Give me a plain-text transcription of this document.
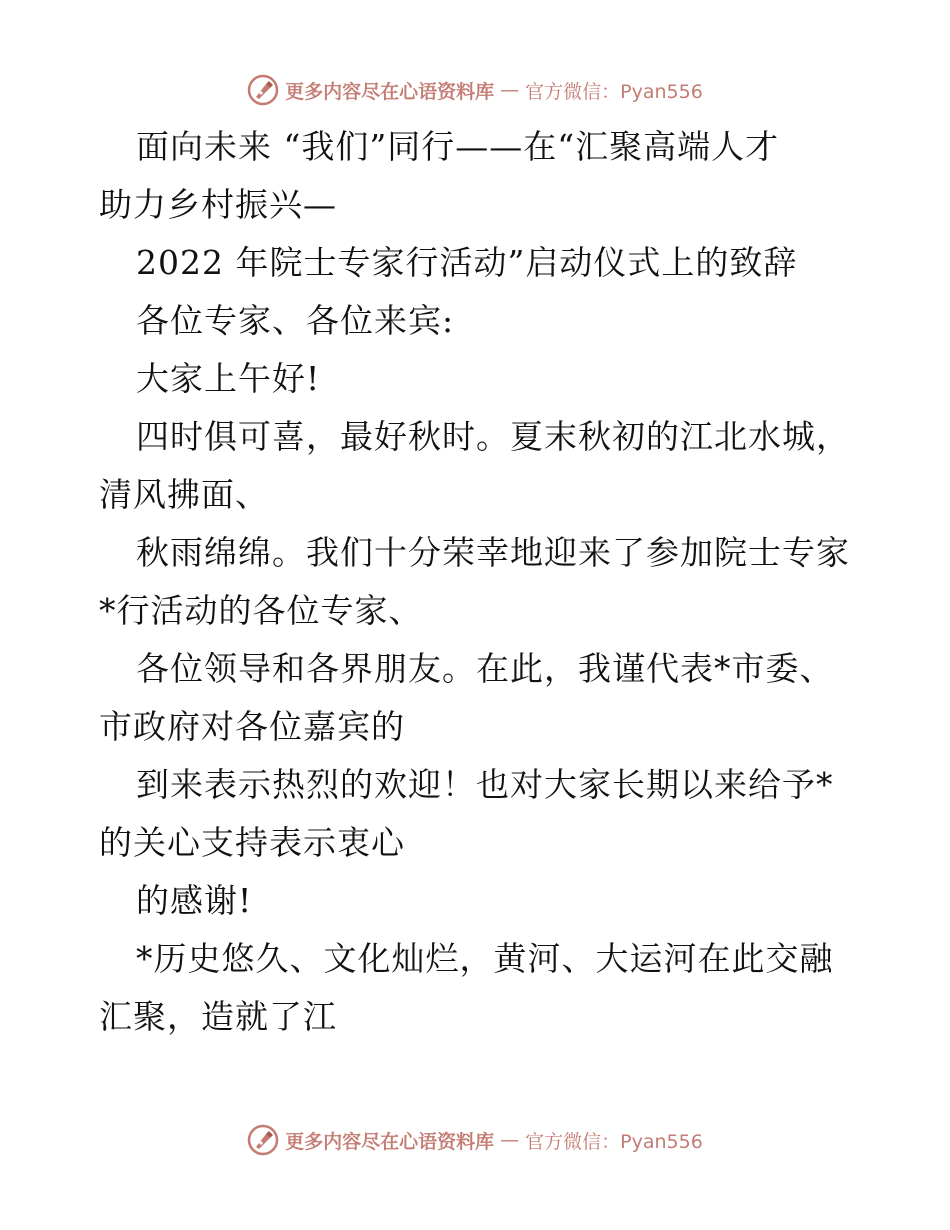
更多内容尽在心语资料库 — 官方微信：Pyan556
面向未来 “我们”同行——在“汇聚高端人才
助力乡村振兴—
2022 年院士专家行活动”启动仪式上的致辞
各位专家、各位来宾:
大家上午好!
四时俱可喜，最好秋时。夏末秋初的江北水城，
清风拂面、
秋雨绵绵。我们十分荣幸地迎来了参加院士专家
*行活动的各位专家、
各位领导和各界朋友。在此，我谨代表*市委、
市政府对各位嘉宾的
到来表示热烈的欢迎！也对大家长期以来给予*
的关心支持表示衷心
的感谢!
*历史悠久、文化灿烂，黄河、大运河在此交融
汇聚，造就了江
更多内容尽在心语资料库 — 官方微信：Pyan556
